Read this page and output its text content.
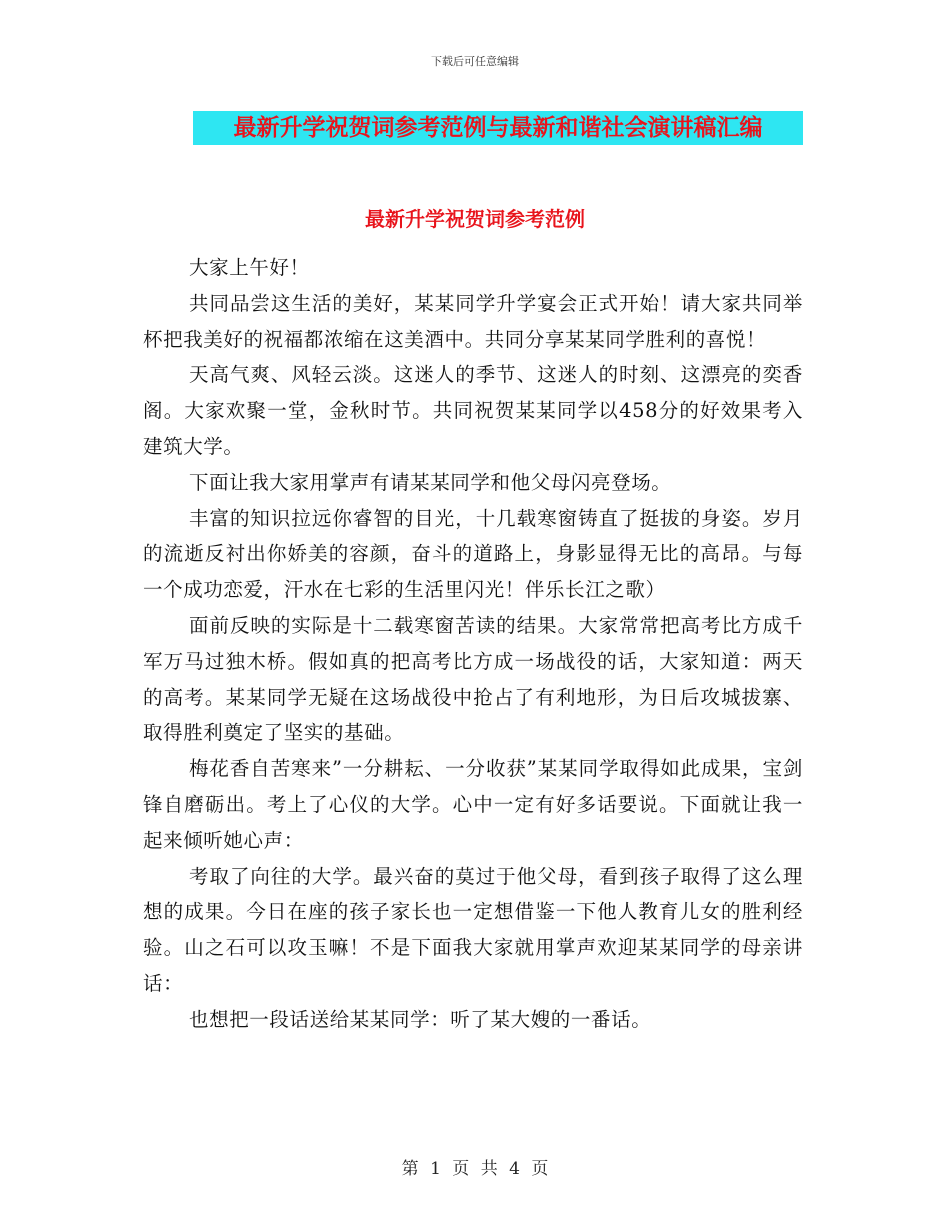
下载后可任意编辑
最新升学祝贺词参考范例与最新和谐社会演讲稿汇编
最新升学祝贺词参考范例

大家上午好！

共同品尝这生活的美好，某某同学升学宴会正式开始！请大家共同举杯把我美好的祝福都浓缩在这美酒中。共同分享某某同学胜利的喜悦！

天高气爽、风轻云淡。这迷人的季节、这迷人的时刻、这漂亮的奕香阁。大家欢聚一堂，金秋时节。共同祝贺某某同学以458分的好效果考入建筑大学。

下面让我大家用掌声有请某某同学和他父母闪亮登场。

丰富的知识拉远你睿智的目光，十几载寒窗铸直了挺拔的身姿。岁月的流逝反衬出你娇美的容颜，奋斗的道路上，身影显得无比的高昂。与每一个成功恋爱，汗水在七彩的生活里闪光！伴乐长江之歌）

面前反映的实际是十二载寒窗苦读的结果。大家常常把高考比方成千军万马过独木桥。假如真的把高考比方成一场战役的话，大家知道：两天的高考。某某同学无疑在这场战役中抢占了有利地形，为日后攻城拔寨、取得胜利奠定了坚实的基础。

梅花香自苦寒来”一分耕耘、一分收获”某某同学取得如此成果，宝剑锋自磨砺出。考上了心仪的大学。心中一定有好多话要说。下面就让我一起来倾听她心声：

考取了向往的大学。最兴奋的莫过于他父母，看到孩子取得了这么理想的成果。今日在座的孩子家长也一定想借鉴一下他人教育儿女的胜利经验。山之石可以攻玉嘛！不是下面我大家就用掌声欢迎某某同学的母亲讲话：

也想把一段话送给某某同学：听了某大嫂的一番话。

第 1 页 共 4 页
